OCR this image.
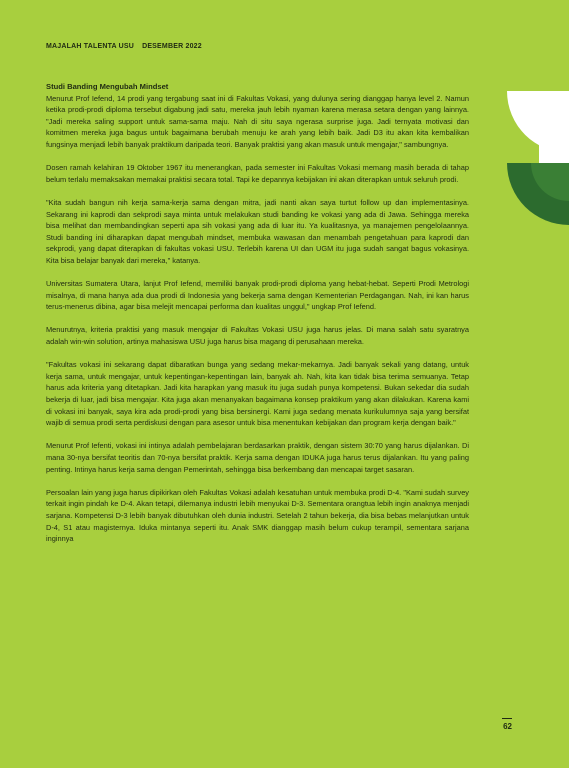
MAJALAH TALENTA USU DESEMBER 2022
Studi Banding Mengubah Mindset

Menurut Prof Iefend, 14 prodi yang tergabung saat ini di Fakultas Vokasi, yang dulunya sering dianggap hanya level 2. Namun ketika prodi-prodi diploma tersebut digabung jadi satu, mereka jauh lebih nyaman karena merasa setara dengan yang lainnya. "Jadi mereka saling support untuk sama-sama maju. Nah di situ saya ngerasa surprise juga. Jadi ternyata motivasi dan komitmen mereka juga bagus untuk bagaimana berubah menuju ke arah yang lebih baik. Jadi D3 itu akan kita kembalikan fungsinya menjadi lebih banyak praktikum daripada teori. Banyak praktisi yang akan masuk untuk mengajar," sambungnya.

Dosen ramah kelahiran 19 Oktober 1967 itu menerangkan, pada semester ini Fakultas Vokasi memang masih berada di tahap belum terlalu memaksakan memakai praktisi secara total. Tapi ke depannya kebijakan ini akan diterapkan untuk seluruh prodi.

"Kita sudah bangun nih kerja sama-kerja sama dengan mitra, jadi nanti akan saya turtut follow up dan implementasinya. Sekarang ini kaprodi dan sekprodi saya minta untuk melakukan studi banding ke vokasi yang ada di Jawa. Sehingga mereka bisa melihat dan membandingkan seperti apa sih vokasi yang ada di luar itu. Ya kualitasnya, ya manajemen pengelolaannya. Studi banding ini diharapkan dapat mengubah mindset, membuka wawasan dan menambah pengetahuan para kaprodi dan sekprodi, yang dapat diterapkan di fakultas vokasi USU. Terlebih karena UI dan UGM itu juga sudah sangat bagus vokasinya. Kita bisa belajar banyak dari mereka," katanya.

Universitas Sumatera Utara, lanjut Prof Iefend, memiliki banyak prodi-prodi diploma yang hebat-hebat. Seperti Prodi Metrologi misalnya, di mana hanya ada dua prodi di Indonesia yang bekerja sama dengan Kementerian Perdagangan. Nah, ini kan harus terus-menerus dibina, agar bisa melejit mencapai performa dan kualitas unggul," ungkap Prof Iefend.

Menurutnya, kriteria praktisi yang masuk mengajar di Fakultas Vokasi USU juga harus jelas. Di mana salah satu syaratnya adalah win-win solution, artinya mahasiswa USU juga harus bisa magang di perusahaan mereka.

"Fakultas vokasi ini sekarang dapat dibaratkan bunga yang sedang mekar-mekarnya. Jadi banyak sekali yang datang, untuk kerja sama, untuk mengajar, untuk kepentingan-kepentingan lain, banyak ah. Nah, kita kan tidak bisa terima semuanya. Tetap harus ada kriteria yang ditetapkan. Jadi kita harapkan yang masuk itu juga sudah punya kompetensi. Bukan sekedar dia sudah bekerja di luar, jadi bisa mengajar. Kita juga akan menanyakan bagaimana konsep praktikum yang akan dilakukan. Karena kami di vokasi ini banyak, saya kira ada prodi-prodi yang bisa bersinergi. Kami juga sedang menata kurikulumnya saja yang bersifat wajib di semua prodi serta perdiskusi dengan para asesor untuk bisa menentukan kebijakan dan program kerja dengan baik."

Menurut Prof Iefenti, vokasi ini intinya adalah pembelajaran berdasarkan praktik, dengan sistem 30:70 yang harus dijalankan. Di mana 30-nya bersifat teoritis dan 70-nya bersifat praktik. Kerja sama dengan IDUKA juga harus terus dijalankan. Itu yang paling penting. Intinya harus kerja sama dengan Pemerintah, sehingga bisa berkembang dan mencapai target sasaran.

Persoalan lain yang juga harus dipikirkan oleh Fakultas Vokasi adalah kesatuhan untuk membuka prodi D-4. "Kami sudah survey terkait ingin pindah ke D-4. Akan tetapi, dilemanya industri lebih menyukai D-3. Sementara orangtua lebih ingin anaknya menjadi sarjana. Kompetensi D-3 lebih banyak dibutuhkan oleh dunia industri. Setelah 2 tahun bekerja, dia bisa bebas melanjutkan untuk D-4, S1 atau magisternya. Iduka mintanya seperti itu. Anak SMK dianggap masih belum cukup terampil, sementara sarjana inginnya

62
